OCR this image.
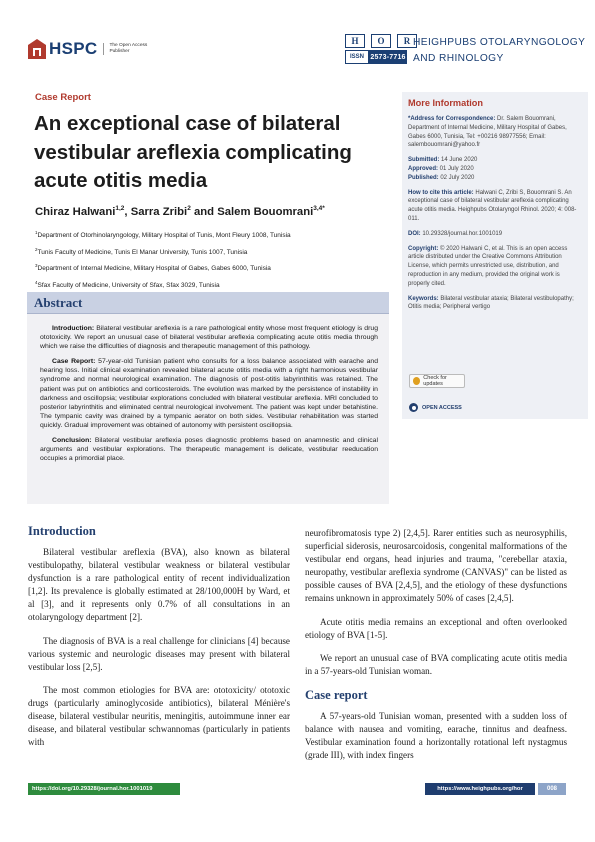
HSPC	The Open Access
Publisher
H	O	R
ISSN 2573-7716
HEIGHPUBS OTOLARYNGOLOGY
AND RHINOLOGY
Case Report
An exceptional case of bilateral vestibular areflexia complicating acute otitis media
Chiraz Halwani$^{1,2}$, Sarra Zribi$^2$ and Salem Bouomrani$^{3,4*}$
$^1$Department of Otorhinolaryngology, Military Hospital of Tunis, Mont Fleury 1008, Tunisia
$^2$Tunis Faculty of Medicine, Tunis El Manar University, Tunis 1007, Tunisia
$^3$Department of Internal Medicine, Military Hospital of Gabes, Gabes 6000, Tunisia
$^4$Sfax Faculty of Medicine, University of Sfax, Sfax 3029, Tunisia
Abstract

Introduction: Bilateral vestibular areflexia is a rare pathological entity whose most frequent etiology is drug ototoxicity. We report an unusual case of bilateral vestibular areflexia complicating acute otitis media through which we raise the difficulties of diagnosis and therapeutic management of this pathology.

Case Report: 57-year-old Tunisian patient who consults for a loss balance associated with earache and hearing loss. Initial clinical examination revealed bilateral acute otitis media with a right harmonious vestibular syndrome and normal neurological examination. The diagnosis of post-otitis labyrinthitis was retained. The patient was put on antibiotics and corticosteroids. The evolution was marked by the persistence of instability in darkness and oscillopsia; vestibular explorations concluded with bilateral vestibular areflexia. MRI concluded to posterior labyrinthitis and eliminated central neurological involvement. The patient was kept under betahistine. The tympanic cavity was drained by a tympanic aerator on both sides. Vestibular rehabilitation was started quickly. Gradual improvement was obtained of autonomy with persistent oscillopsia.

Conclusion: Bilateral vestibular areflexia poses diagnostic problems based on anamnestic and clinical arguments and vestibular explorations. The therapeutic management is delicate, vestibular reeducation occupies a primordial place.

More Information
*Address for Correspondence: Dr. Salem Bouomrani, Department of Internal Medicine, Military Hospital of Gabes, Gabes 6000, Tunisia, Tel: +00216 98977556; Email: salembouomrani@yahoo.fr
Submitted: 14 June 2020
Approved: 01 July 2020
Published: 02 July 2020
How to cite this article: Halwani C, Zribi S, Bouomrani S. An exceptional case of bilateral vestibular areflexia complicating acute otitis media. Heighpubs Otolaryngol Rhinol. 2020; 4: 008-011.
DOI: 10.29328/journal.hor.1001019
Copyright: © 2020 Halwani C, et al. This is an open access article distributed under the Creative Commons Attribution License, which permits unrestricted use, distribution, and reproduction in any medium, provided the original work is properly cited.
Keywords: Bilateral vestibular ataxia; Bilateral vestibulopathy; Otitis media; Peripheral vertigo
Check for updates
OPEN ACCESS
Introduction

Bilateral vestibular areflexia (BVA), also known as bilateral vestibulopathy, bilateral vestibular weakness or bilateral vestibular dysfunction is a rare pathological entity of recent individualization [1,2]. Its prevalence is globally estimated at 28/100,000H by Ward, et al [3], and it represents only 0.7% of all consultations in an otolaryngology department [2].

The diagnosis of BVA is a real challenge for clinicians [4] because various systemic and neurologic diseases may present with bilateral vestibular loss [2,5].

The most common etiologies for BVA are: ototoxicity/ ototoxic drugs (particularly aminoglycoside antibiotics), bilateral Ménière's disease, bilateral vestibular neuritis, meningitis, autoimmune inner ear disease, and bilateral vestibular schwannomas (particularly in patients with

neurofibromatosis type 2) [2,4,5]. Rarer entities such as neurosyphilis, superficial siderosis, neurosarcoidosis, congenital malformations of the vestibular end organs, head injuries and trauma, "cerebellar ataxia, neuropathy, vestibular areflexia syndrome (CANVAS)" can be listed as possible causes of BVA [2,4,5], and the etiology of these dysfunctions remains unknown in approximately 50% of cases [2,4,5].

Acute otitis media remains an exceptional and often overlooked etiology of BVA [1-5].

We report an unusual case of BVA complicating acute otitis media in a 57-years-old Tunisian woman.

Case report

A 57-years-old Tunisian woman, presented with a sudden loss of balance with nausea and vomiting, earache, tinnitus and deafness. Vestibular examination found a horizontally rotational left nystagmus (grade III), with index fingers

https://doi.org/10.29328/journal.hor.1001019	https://www.heighpubs.org/hor	008
